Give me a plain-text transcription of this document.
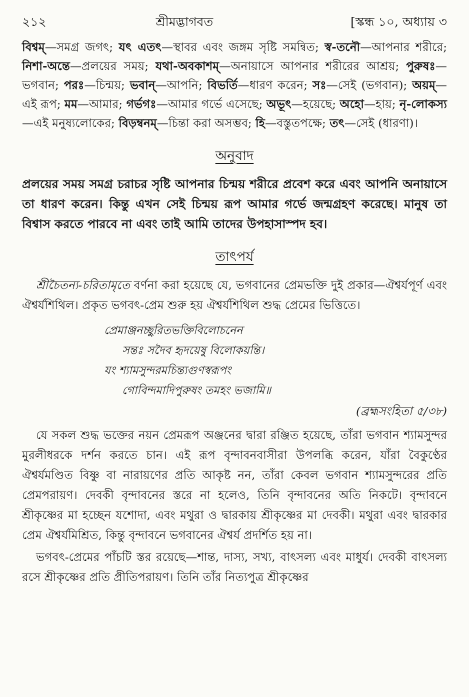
২১২	শ্রীমদ্ভাগবত	[স্কন্ধ ১০, অধ্যায় ৩
বিশ্বম্—সমগ্র জগৎ; যৎ এতৎ—স্থাবর এবং জঙ্গম সৃষ্টি সমন্বিত; স্ব-তনৌ—আপনার শরীরে; নিশা-অন্তে—প্রলয়ের সময়; যথা-অবকাশম্—অনায়াসে আপনার শরীরের আশ্রয়; পুরুষঃ—ভগবান; পরঃ—চিন্ময়; ভবান্—আপনি; বিভর্তি—ধারণ করেন; সঃ—সেই (ভগবান); অয়ম্—এই রূপ; মম—আমার; গর্ভগঃ—আমার গর্ভে এসেছে; অভূৎ—হয়েছে; অহো—হায়; নৃ-লোকস্য—এই মনুষ্যলোকের; বিড়ম্বনম্—চিন্তা করা অসম্ভব; হি—বস্তুতপক্ষে; তৎ—সেই (ধারণা)।
অনুবাদ
প্রলয়ের সময় সমগ্র চরাচর সৃষ্টি আপনার চিন্ময় শরীরে প্রবেশ করে এবং আপনি অনায়াসে তা ধারণ করেন। কিন্তু এখন সেই চিন্ময় রূপ আমার গর্ভে জন্মগ্রহণ করেছে। মানুষ তা বিশ্বাস করতে পারবে না এবং তাই আমি তাদের উপহাসাস্পদ হব।
তাৎপর্য

শ্রীচৈতন্য-চরিতামৃতে বর্ণনা করা হয়েছে যে, ভগবানের প্রেমভক্তি দুই প্রকার—ঐশ্বর্যপূর্ণ এবং ঐশ্বর্যশিথিল। প্রকৃত ভগবৎ-প্রেম শুরু হয় ঐশ্বর্যশিথিল শুদ্ধ প্রেমের ভিত্তিতে।

প্রেমাঞ্জনচ্ছুরিতভক্তিবিলোচনেন
সন্তঃ সদৈব হৃদয়েষু বিলোকয়ন্তি।
যং শ্যামসুন্দরমচিন্ত্যগুণস্বরূপং
গোবিন্দমাদিপুরুষং তমহং ভজামি॥
(ব্রহ্মসংহিতা ৫/৩৮)

যে সকল শুদ্ধ ভক্তের নয়ন প্রেমরূপ অঞ্জনের দ্বারা রঞ্জিত হয়েছে, তাঁরা ভগবান শ্যামসুন্দর মুরলীধরকে দর্শন করতে চান। এই রূপ বৃন্দাবনবাসীরা উপলব্ধি করেন, যাঁরা বৈকুণ্ঠের ঐশ্বর্যমণ্ডিত বিষ্ণু বা নারায়ণের প্রতি আকৃষ্ট নন, তাঁরা কেবল ভগবান শ্যামসুন্দরের প্রতি প্রেমপরায়ণ। দেবকী বৃন্দাবনের স্তরে না হলেও, তিনি বৃন্দাবনের অতি নিকটে। বৃন্দাবনে শ্রীকৃষ্ণের মা হচ্ছেন যশোদা, এবং মথুরা ও দ্বারকায় শ্রীকৃষ্ণের মা দেবকী। মথুরা এবং দ্বারকার প্রেম ঐশ্বর্যমিশ্রিত, কিন্তু বৃন্দাবনে ভগবানের ঐশ্বর্য প্রদর্শিত হয় না।

ভগবৎ-প্রেমের পাঁচটি স্তর রয়েছে—শান্ত, দাস্য, সখ্য, বাৎসল্য এবং মাধুর্য। দেবকী বাৎসল্য রসে শ্রীকৃষ্ণের প্রতি প্রীতিপরায়ণ। তিনি তাঁর নিত্যপুত্র শ্রীকৃষ্ণের
